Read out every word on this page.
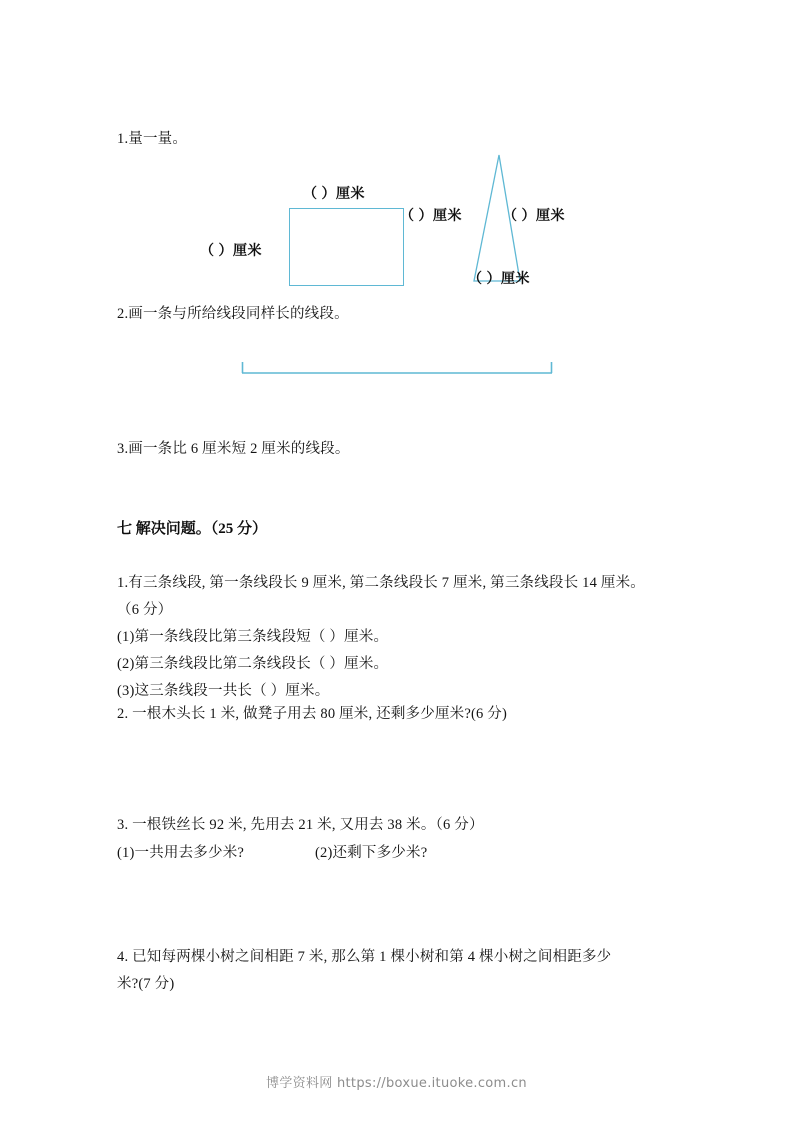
1.量一量。
（ ）厘米
（ ）厘米
（ ）厘米	（ ）厘米
（ ）厘米
2.画一条与所给线段同样长的线段。
3.画一条比 6 厘米短 2 厘米的线段。
七 解决问题。（25 分）
1.有三条线段, 第一条线段长 9 厘米, 第二条线段长 7 厘米, 第三条线段长 14 厘米。
（6 分）
(1)第一条线段比第三条线段短（ ）厘米。
(2)第三条线段比第二条线段长（ ）厘米。
(3)这三条线段一共长（ ）厘米。
2. 一根木头长 1 米, 做凳子用去 80 厘米, 还剩多少厘米?(6 分)
3. 一根铁丝长 92 米, 先用去 21 米, 又用去 38 米。（6 分）
(1)一共用去多少米?	(2)还剩下多少米?
4. 已知每两棵小树之间相距 7 米, 那么第 1 棵小树和第 4 棵小树之间相距多少
米?(7 分)
博学资料网 https://boxue.ituoke.com.cn
